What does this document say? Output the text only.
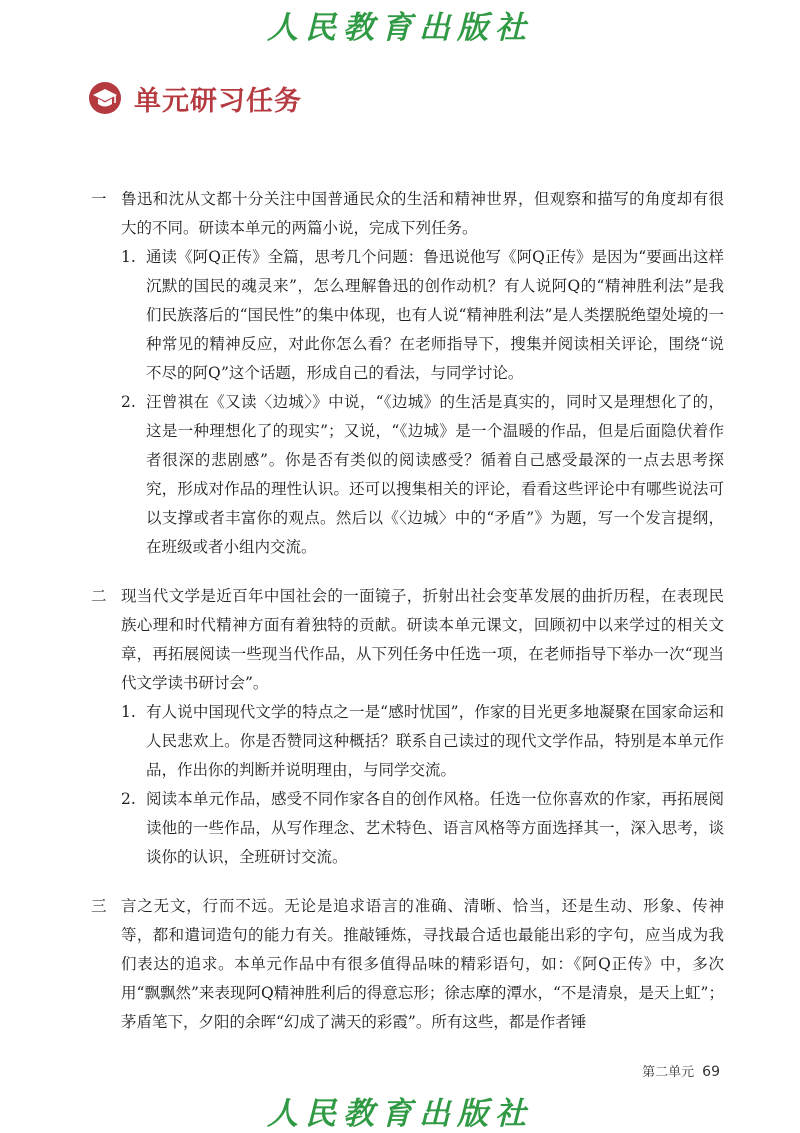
人民教育出版社
单元研习任务
一 鲁迅和沈从文都十分关注中国普通民众的生活和精神世界，但观察和描写的角度却有很大的不同。研读本单元的两篇小说，完成下列任务。
1. 通读《阿Q正传》全篇，思考几个问题：鲁迅说他写《阿Q正传》是因为“要画出这样沉默的国民的魂灵来”，怎么理解鲁迅的创作动机？有人说阿Q的“精神胜利法”是我们民族落后的“国民性”的集中体现，也有人说“精神胜利法”是人类摆脱绝望处境的一种常见的精神反应，对此你怎么看？在老师指导下，搜集并阅读相关评论，围绕“说不尽的阿Q”这个话题，形成自己的看法，与同学讨论。
2. 汪曾祺在《又读〈边城〉》中说，“《边城》的生活是真实的，同时又是理想化了的，这是一种理想化了的现实”；又说，“《边城》是一个温暖的作品，但是后面隐伏着作者很深的悲剧感”。你是否有类似的阅读感受？循着自己感受最深的一点去思考探究，形成对作品的理性认识。还可以搜集相关的评论，看看这些评论中有哪些说法可以支撑或者丰富你的观点。然后以《〈边城〉中的“矛盾”》为题，写一个发言提纲，在班级或者小组内交流。
二 现当代文学是近百年中国社会的一面镜子，折射出社会变革发展的曲折历程，在表现民族心理和时代精神方面有着独特的贡献。研读本单元课文，回顾初中以来学过的相关文章，再拓展阅读一些现当代作品，从下列任务中任选一项，在老师指导下举办一次“现当代文学读书研讨会”。
1. 有人说中国现代文学的特点之一是“感时忧国”，作家的目光更多地凝聚在国家命运和人民悲欢上。你是否赞同这种概括？联系自己读过的现代文学作品，特别是本单元作品，作出你的判断并说明理由，与同学交流。
2. 阅读本单元作品，感受不同作家各自的创作风格。任选一位你喜欢的作家，再拓展阅读他的一些作品，从写作理念、艺术特色、语言风格等方面选择其一，深入思考，谈谈你的认识，全班研讨交流。
三 言之无文，行而不远。无论是追求语言的准确、清晰、恰当，还是生动、形象、传神等，都和遣词造句的能力有关。推敲锤炼，寻找最合适也最能出彩的字句，应当成为我们表达的追求。本单元作品中有很多值得品味的精彩语句，如：《阿Q正传》中，多次用“飘飘然”来表现阿Q精神胜利后的得意忘形；徐志摩的潭水，“不是清泉，是天上虹”；茅盾笔下，夕阳的余晖“幻成了满天的彩霞”。所有这些，都是作者锤
第二单元 69
人民教育出版社
